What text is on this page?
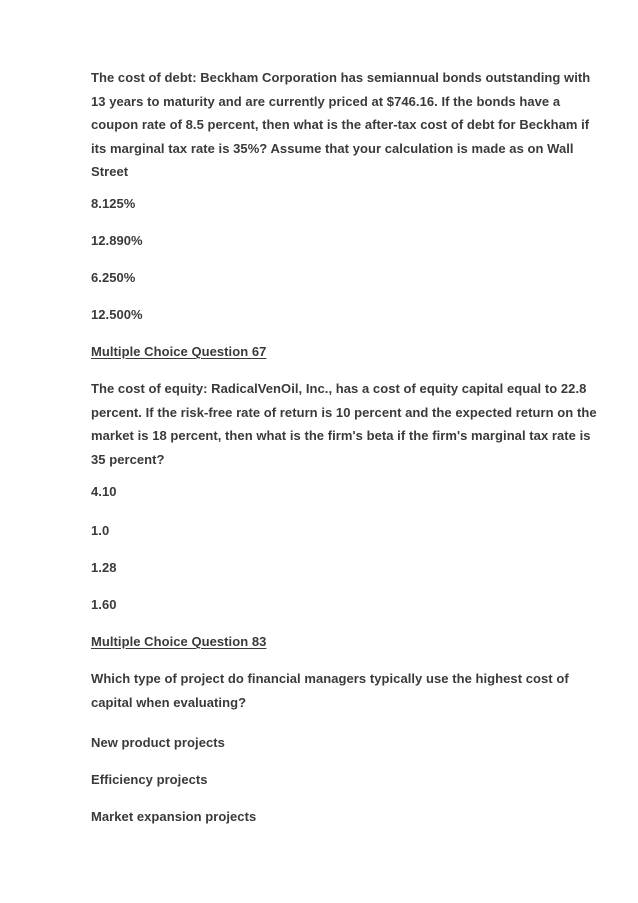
The cost of debt: Beckham Corporation has semiannual bonds outstanding with

13 years to maturity and are currently priced at $746.16. If the bonds have a

coupon rate of 8.5 percent, then what is the after-tax cost of debt for Beckham if

its marginal tax rate is 35%? Assume that your calculation is made as on Wall

Street

8.125%

12.890%

6.250%

12.500%

Multiple Choice Question 67

The cost of equity: RadicalVenOil, Inc., has a cost of equity capital equal to 22.8

percent. If the risk-free rate of return is 10 percent and the expected return on the

market is 18 percent, then what is the firm's beta if the firm's marginal tax rate is

35 percent?

4.10

1.0

1.28

1.60

Multiple Choice Question 83

Which type of project do financial managers typically use the highest cost of

capital when evaluating?

New product projects

Efficiency projects

Market expansion projects
